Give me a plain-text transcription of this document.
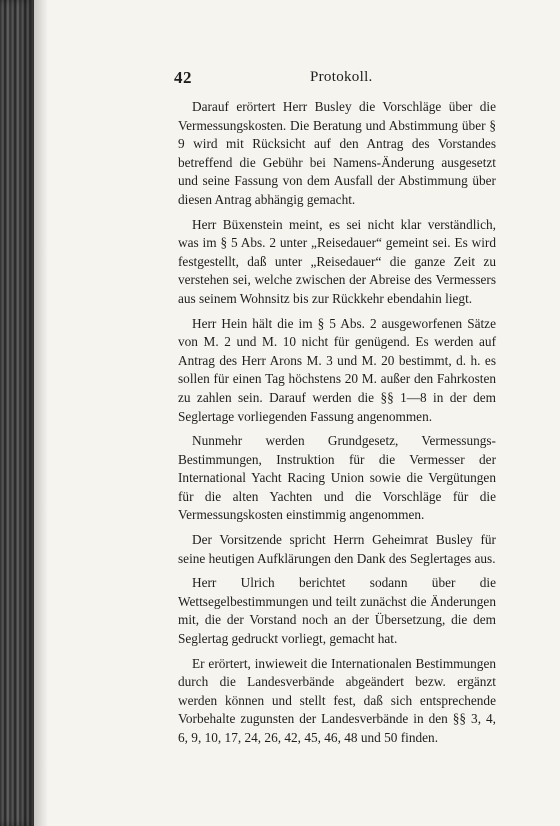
42	Protokoll.

Darauf erörtert Herr Busley die Vorschläge über die Vermessungskosten. Die Beratung und Abstimmung über § 9 wird mit Rücksicht auf den Antrag des Vorstandes betreffend die Gebühr bei Namens-Änderung ausgesetzt und seine Fassung von dem Ausfall der Abstimmung über diesen Antrag abhängig gemacht.

Herr Büxenstein meint, es sei nicht klar verständlich, was im § 5 Abs. 2 unter „Reisedauer“ gemeint sei. Es wird festgestellt, daß unter „Reisedauer“ die ganze Zeit zu verstehen sei, welche zwischen der Abreise des Vermessers aus seinem Wohnsitz bis zur Rückkehr ebendahin liegt.

Herr Hein hält die im § 5 Abs. 2 ausgeworfenen Sätze von M. 2 und M. 10 nicht für genügend. Es werden auf Antrag des Herr Arons M. 3 und M. 20 bestimmt, d. h. es sollen für einen Tag höchstens 20 M. außer den Fahrkosten zu zahlen sein. Darauf werden die §§ 1—8 in der dem Seglertage vorliegenden Fassung angenommen.

Nunmehr werden Grundgesetz, Vermessungs-Bestimmungen, Instruktion für die Vermesser der International Yacht Racing Union sowie die Vergütungen für die alten Yachten und die Vorschläge für die Vermessungskosten einstimmig angenommen.

Der Vorsitzende spricht Herrn Geheimrat Busley für seine heutigen Aufklärungen den Dank des Seglertages aus.

Herr Ulrich berichtet sodann über die Wettsegelbestimmungen und teilt zunächst die Änderungen mit, die der Vorstand noch an der Übersetzung, die dem Seglertag gedruckt vorliegt, gemacht hat.

Er erörtert, inwieweit die Internationalen Bestimmungen durch die Landesverbände abgeändert bezw. ergänzt werden können und stellt fest, daß sich entsprechende Vorbehalte zugunsten der Landesverbände in den §§ 3, 4, 6, 9, 10, 17, 24, 26, 42, 45, 46, 48 und 50 finden.
